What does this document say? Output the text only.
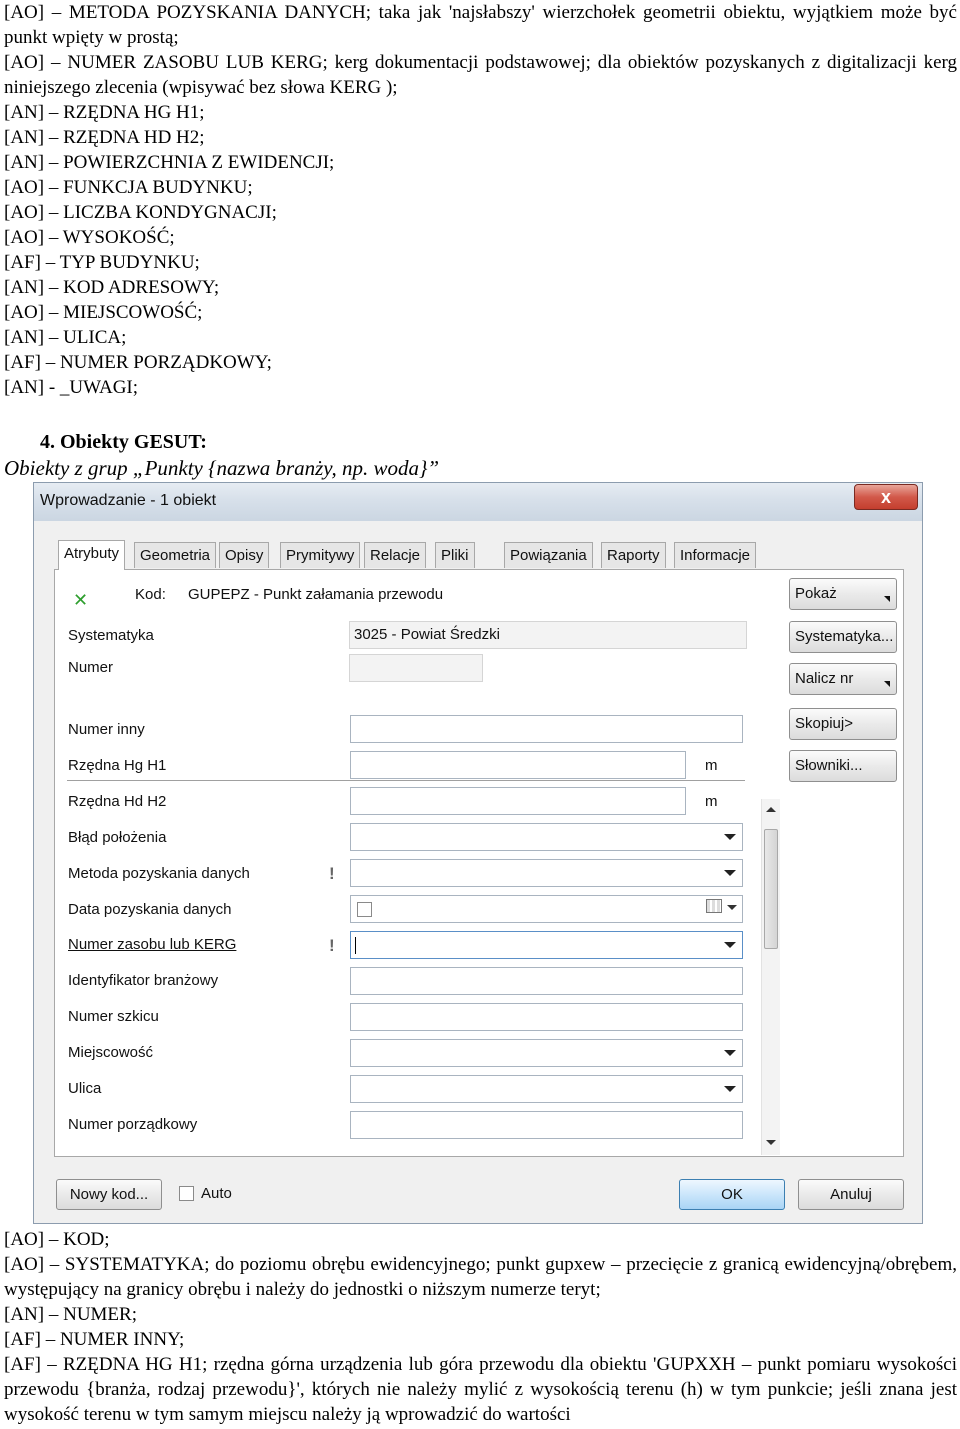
[AO] – METODA POZYSKANIA DANYCH; taka jak 'najsłabszy' wierzchołek geometrii obiektu, wyjątkiem może być punkt wpięty w prostą;

[AO] – NUMER ZASOBU LUB KERG; kerg dokumentacji podstawowej; dla obiektów pozyskanych z digitalizacji kerg niniejszego zlecenia (wpisywać bez słowa KERG );

[AN] – RZĘDNA HG H1;
[AN] – RZĘDNA HD H2;
[AN] – POWIERZCHNIA Z EWIDENCJI;
[AO] – FUNKCJA BUDYNKU;
[AO] – LICZBA KONDYGNACJI;
[AO] – WYSOKOŚĆ;
[AF] – TYP BUDYNKU;
[AN] – KOD ADRESOWY;
[AO] – MIEJSCOWOŚĆ;
[AN] – ULICA;
[AF] – NUMER PORZĄDKOWY;
[AN] - _UWAGI;
4. Obiekty GESUT:
Obiekty z grup „Punkty {nazwa branży, np. woda}”
Wprowadzanie - 1 obiekt	x
Atrybuty	Geometria Opisy	Prymitywy	Relacje	Pliki	Powiązania	Raporty	Informacje
✕	Kod: GUPEPZ - Punkt załamania przewodu
Systematyka	3025 - Powiat Średzki
Numer
Pokaż
Systematyka...
Nalicz nr
Skopiuj>
Słowniki...
Numer inny
Rzędna Hg H1	m
Rzędna Hd H2	m
Błąd położenia
Metoda pozyskania danych	!
Data pozyskania danych
Numer zasobu lub KERG	!
Identyfikator branżowy
Numer szkicu
Miejscowość
Ulica
Numer porządkowy
Nowy kod...	Auto	OK	Anuluj
[AO] – KOD;

[AO] – SYSTEMATYKA; do poziomu obrębu ewidencyjnego; punkt gupxew – przecięcie z granicą ewidencyjną/obrębem, występujący na granicy obrębu i należy do jednostki o niższym numerze teryt;

[AN] – NUMER;
[AF] – NUMER INNY;

[AF] – RZĘDNA HG H1; rzędna górna urządzenia lub góra przewodu dla obiektu 'GUPXXH – punkt pomiaru wysokości przewodu {branża, rodzaj przewodu}', których nie należy mylić z wysokością terenu (h) w tym punkcie; jeśli znana jest wysokość terenu w tym samym miejscu należy ją wprowadzić do wartości
